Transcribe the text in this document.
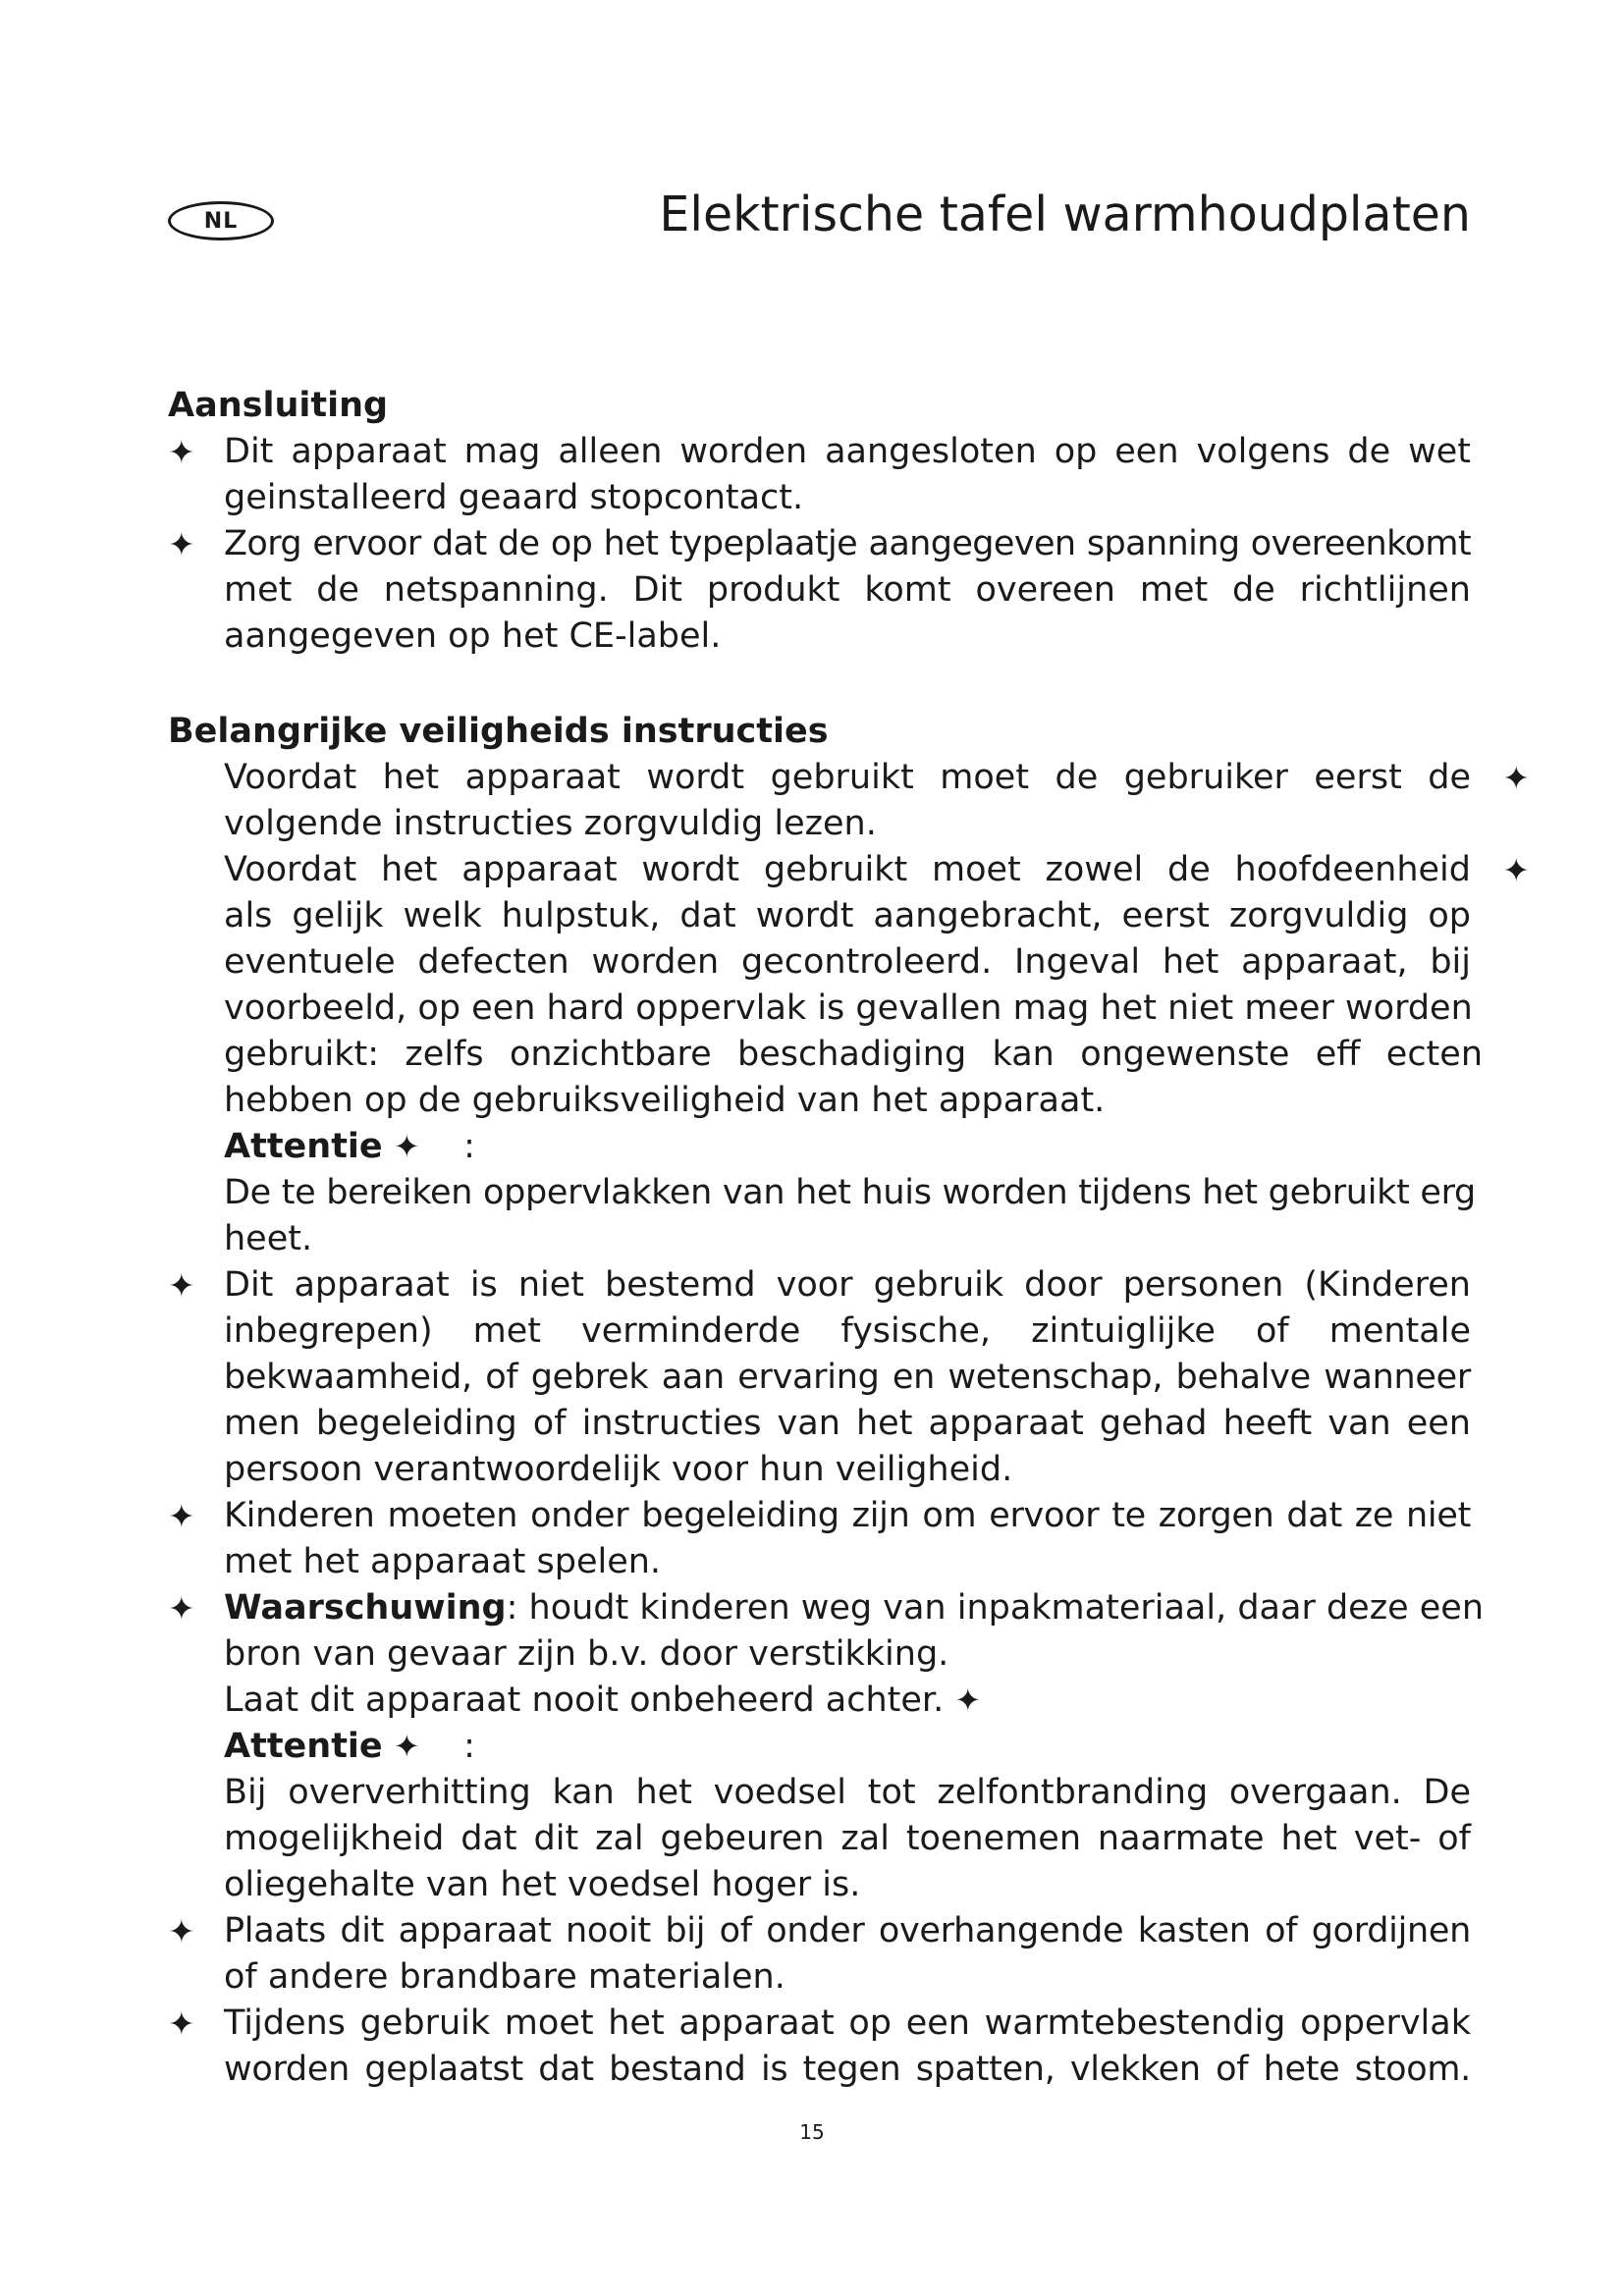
NL	Elektrische tafel warmhoudplaten
Aansluiting
✦ Dit apparaat mag alleen worden aangesloten op een volgens de wet
geinstalleerd geaard stopcontact.
✦ Zorg ervoor dat de op het typeplaatje aangegeven spanning overeenkomt
met de netspanning. Dit produkt komt overeen met de richtlijnen
aangegeven op het CE-label.
Belangrijke veiligheids instructies
Voordat het apparaat wordt gebruikt moet de gebruiker eerst de ✦
volgende instructies zorgvuldig lezen.
Voordat het apparaat wordt gebruikt moet zowel de hoofdeenheid ✦
als gelijk welk hulpstuk, dat wordt aangebracht, eerst zorgvuldig op
eventuele defecten worden gecontroleerd. Ingeval het apparaat, bij
voorbeeld, op een hard oppervlak is gevallen mag het niet meer worden
gebruikt: zelfs onzichtbare beschadiging kan ongewenste eff ecten
hebben op de gebruiksveiligheid van het apparaat.
Attentie ✦ :
De te bereiken oppervlakken van het huis worden tijdens het gebruikt erg
heet.
✦ Dit apparaat is niet bestemd voor gebruik door personen (Kinderen
inbegrepen) met verminderde fysische, zintuiglijke of mentale
bekwaamheid, of gebrek aan ervaring en wetenschap, behalve wanneer
men begeleiding of instructies van het apparaat gehad heeft van een
persoon verantwoordelijk voor hun veiligheid.
✦ Kinderen moeten onder begeleiding zijn om ervoor te zorgen dat ze niet
met het apparaat spelen.
✦ Waarschuwing: houdt kinderen weg van inpakmateriaal, daar deze een
bron van gevaar zijn b.v. door verstikking.
Laat dit apparaat nooit onbeheerd achter. ✦
Attentie ✦ :
Bij oververhitting kan het voedsel tot zelfontbranding overgaan. De
mogelijkheid dat dit zal gebeuren zal toenemen naarmate het vet- of
oliegehalte van het voedsel hoger is.
✦ Plaats dit apparaat nooit bij of onder overhangende kasten of gordijnen
of andere brandbare materialen.
✦ Tijdens gebruik moet het apparaat op een warmtebestendig oppervlak
worden geplaatst dat bestand is tegen spatten, vlekken of hete stoom.
15
